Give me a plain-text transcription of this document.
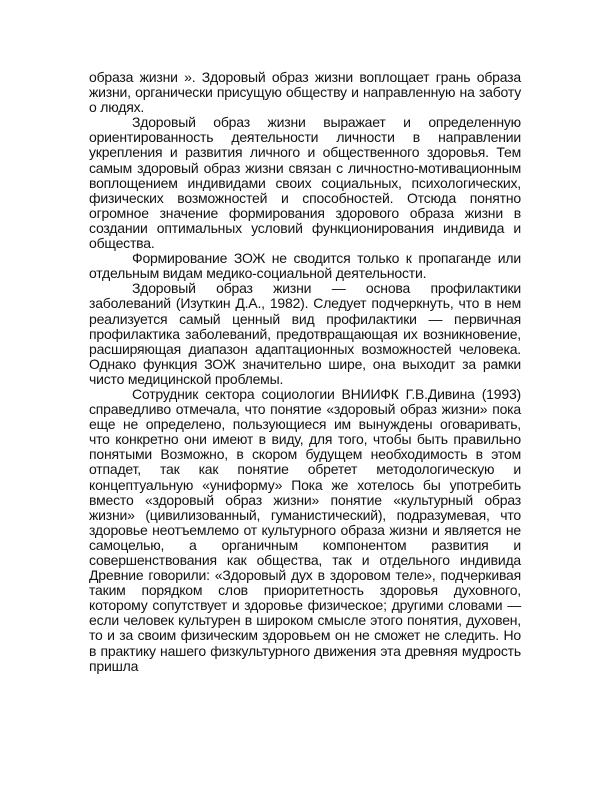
образа жизни ». Здоровый образ жизни воплощает грань образа жизни, органически присущую обществу и направленную на заботу о людях.

Здоровый образ жизни выражает и определенную ориентированность деятельности личности в направлении укрепления и развития личного и общественного здоровья. Тем самым здоровый образ жизни связан с личностно-мотивационным воплощением индивидами своих социальных, психологических, физических возможностей и способностей. Отсюда понятно огромное значение формирования здорового образа жизни в создании оптимальных условий функционирования индивида и общества.

Формирование ЗОЖ не сводится только к пропаганде или отдельным видам медико-социальной деятельности.

Здоровый образ жизни — основа профилактики заболеваний (Изуткин Д.А., 1982). Следует подчеркнуть, что в нем реализуется самый ценный вид профилактики — первичная профилактика заболеваний, предотвращающая их возникновение, расширяющая диапазон адаптационных возможностей человека. Однако функция ЗОЖ значительно шире, она выходит за рамки чисто медицинской проблемы.

Сотрудник сектора социологии ВНИИФК Г.В.Дивина (1993) справедливо отмечала, что понятие «здоровый образ жизни» пока еще не определено, пользующиеся им вынуждены оговаривать, что конкретно они имеют в виду, для того, чтобы быть правильно понятыми Возможно, в скором будущем необходимость в этом отпадет, так как понятие обретет методологическую и концептуальную «униформу» Пока же хотелось бы употребить вместо «здоровый образ жизни» понятие «культурный образ жизни» (цивилизованный, гуманистический), подразумевая, что здоровье неотъемлемо от культурного образа жизни и является не самоцелью, а органичным компонентом развития и совершенствования как общества, так и отдельного индивида Древние говорили: «Здоровый дух в здоровом теле», подчеркивая таким порядком слов приоритетность здоровья духовного, которому сопутствует и здоровье физическое; другими словами — если человек культурен в широком смысле этого понятия, духовен, то и за своим физическим здоровьем он не сможет не следить. Но в практику нашего физкультурного движения эта древняя мудрость пришла
